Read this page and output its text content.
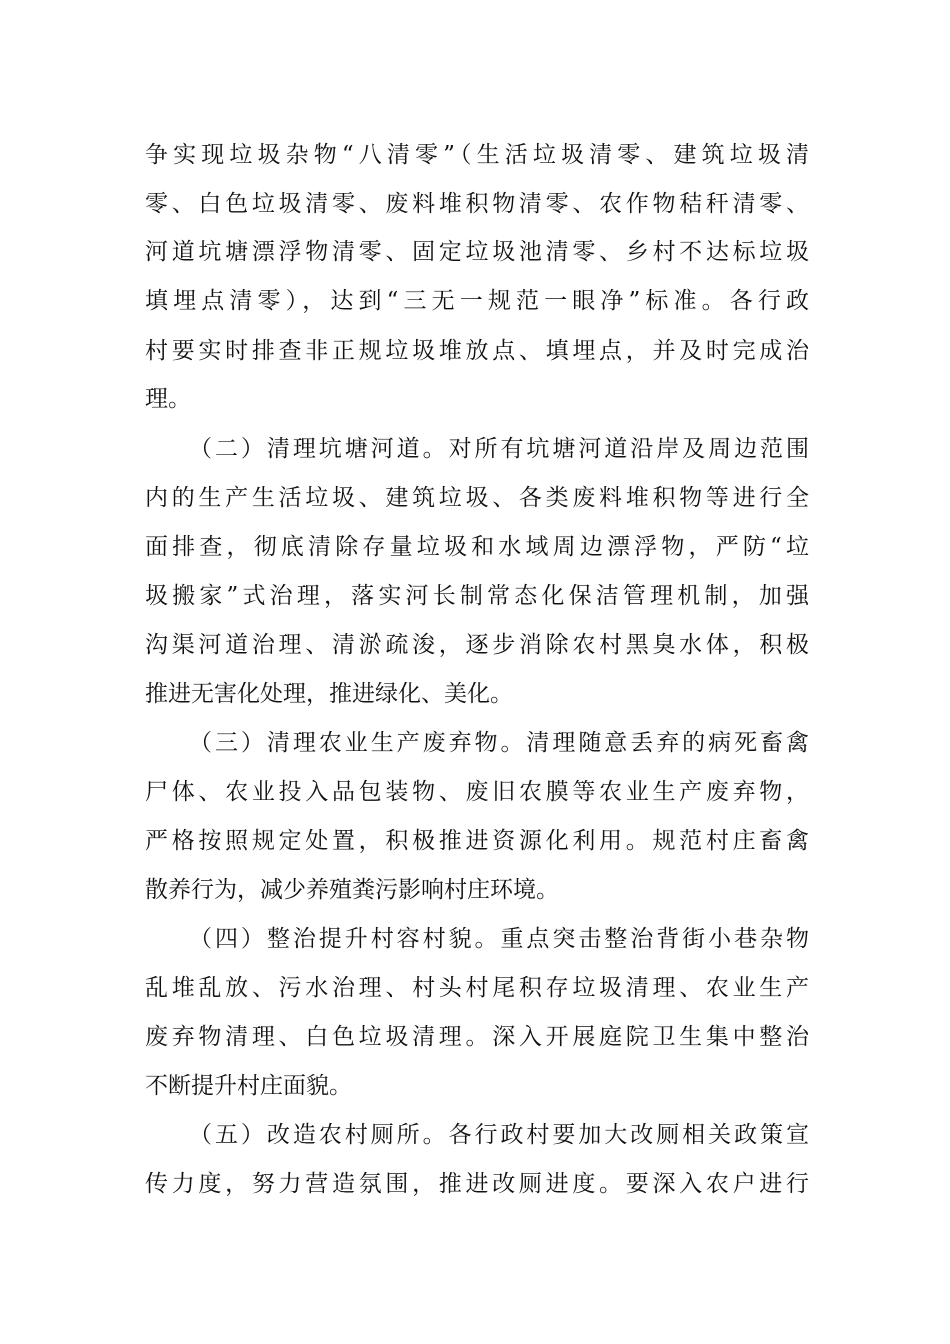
争实现垃圾杂物“八清零”（生活垃圾清零、建筑垃圾清
零、白色垃圾清零、废料堆积物清零、农作物秸秆清零、
河道坑塘漂浮物清零、固定垃圾池清零、乡村不达标垃圾
填埋点清零），达到“三无一规范一眼净”标准。各行政
村要实时排查非正规垃圾堆放点、填埋点，并及时完成治
理。
（二）清理坑塘河道。对所有坑塘河道沿岸及周边范围
内的生产生活垃圾、建筑垃圾、各类废料堆积物等进行全
面排查，彻底清除存量垃圾和水域周边漂浮物，严防“垃
圾搬家”式治理，落实河长制常态化保洁管理机制，加强
沟渠河道治理、清淤疏浚，逐步消除农村黑臭水体，积极
推进无害化处理，推进绿化、美化。
（三）清理农业生产废弃物。清理随意丢弃的病死畜禽
尸体、农业投入品包装物、废旧农膜等农业生产废弃物，
严格按照规定处置，积极推进资源化利用。规范村庄畜禽
散养行为，减少养殖粪污影响村庄环境。
（四）整治提升村容村貌。重点突击整治背街小巷杂物
乱堆乱放、污水治理、村头村尾积存垃圾清理、农业生产
废弃物清理、白色垃圾清理。深入开展庭院卫生集中整治
不断提升村庄面貌。
（五）改造农村厕所。各行政村要加大改厕相关政策宣
传力度，努力营造氛围，推进改厕进度。要深入农户进行
